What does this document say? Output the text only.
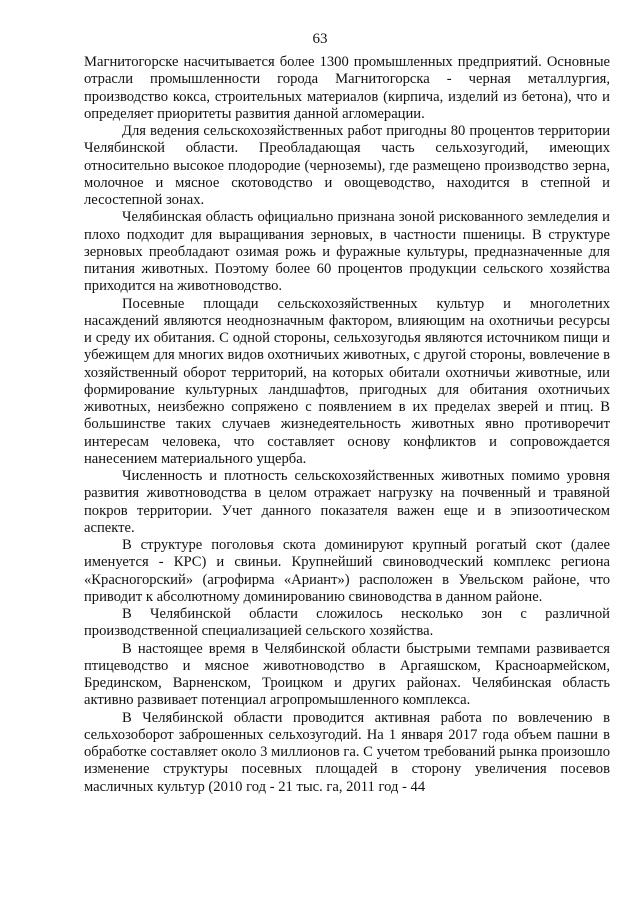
63

Магнитогорске насчитывается более 1300 промышленных предприятий. Основные отрасли промышленности города Магнитогорска - черная металлургия, производство кокса, строительных материалов (кирпича, изделий из бетона), что и определяет приоритеты развития данной агломерации.

Для ведения сельскохозяйственных работ пригодны 80 процентов территории Челябинской области. Преобладающая часть сельхозугодий, имеющих относительно высокое плодородие (черноземы), где размещено производство зерна, молочное и мясное скотоводство и овощеводство, находится в степной и лесостепной зонах.

Челябинская область официально признана зоной рискованного земледелия и плохо подходит для выращивания зерновых, в частности пшеницы. В структуре зерновых преобладают озимая рожь и фуражные культуры, предназначенные для питания животных. Поэтому более 60 процентов продукции сельского хозяйства приходится на животноводство.

Посевные площади сельскохозяйственных культур и многолетних насаждений являются неоднозначным фактором, влияющим на охотничьи ресурсы и среду их обитания. С одной стороны, сельхозугодья являются источником пищи и убежищем для многих видов охотничьих животных, с другой стороны, вовлечение в хозяйственный оборот территорий, на которых обитали охотничьи животные, или формирование культурных ландшафтов, пригодных для обитания охотничьих животных, неизбежно сопряжено с появлением в их пределах зверей и птиц. В большинстве таких случаев жизнедеятельность животных явно противоречит интересам человека, что составляет основу конфликтов и сопровождается нанесением материального ущерба.

Численность и плотность сельскохозяйственных животных помимо уровня развития животноводства в целом отражает нагрузку на почвенный и травяной покров территории. Учет данного показателя важен еще и в эпизоотическом аспекте.

В структуре поголовья скота доминируют крупный рогатый скот (далее именуется - КРС) и свиньи. Крупнейший свиноводческий комплекс региона «Красногорский» (агрофирма «Ариант») расположен в Увельском районе, что приводит к абсолютному доминированию свиноводства в данном районе.

В Челябинской области сложилось несколько зон с различной производственной специализацией сельского хозяйства.

В настоящее время в Челябинской области быстрыми темпами развивается птицеводство и мясное животноводство в Аргаяшском, Красноармейском, Брединском, Варненском, Троицком и других районах. Челябинская область активно развивает потенциал агропромышленного комплекса.

В Челябинской области проводится активная работа по вовлечению в сельхозоборот заброшенных сельхозугодий. На 1 января 2017 года объем пашни в обработке составляет около 3 миллионов га. С учетом требований рынка произошло изменение структуры посевных площадей в сторону увеличения посевов масличных культур (2010 год - 21 тыс. га, 2011 год - 44
